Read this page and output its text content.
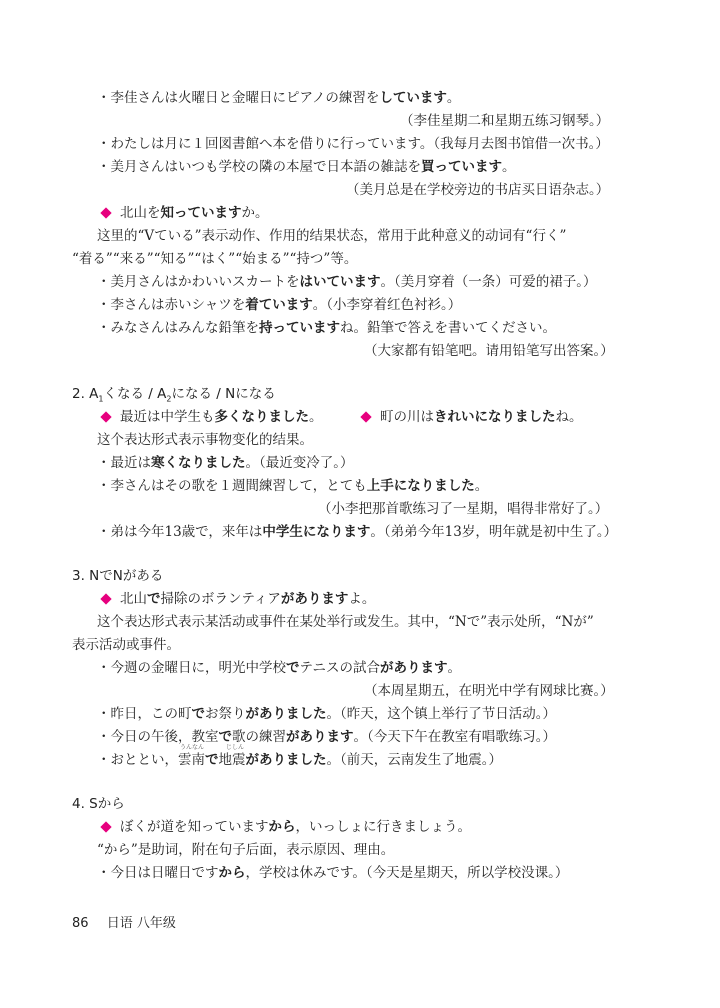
・李佳さんは火曜日と金曜日にピアノの練習をしています。
（李佳星期二和星期五练习钢琴。）
・わたしは月に１回図書館へ本を借りに行っています。（我每月去图书馆借一次书。）
・美月さんはいつも学校の隣の本屋で日本語の雑誌を買っています。
（美月总是在学校旁边的书店买日语杂志。）
北山を知っていますか。
这里的“Vている”表示动作、作用的结果状态，常用于此种意义的动词有“行く”
“着る”“来る”“知る”“はく”“始まる”“持つ”等。
・美月さんはかわいいスカートをはいています。（美月穿着（一条）可爱的裙子。）
・李さんは赤いシャツを着ています。（小李穿着红色衬衫。）
・みなさんはみんな鉛筆を持っていますね。鉛筆で答えを書いてください。
（大家都有铅笔吧。请用铅笔写出答案。）
2. $A_1$くなる / $A_2$になる / Nになる
最近は中学生も多くなりました。	町の川はきれいになりましたね。
这个表达形式表示事物变化的结果。
・最近は寒くなりました。（最近变冷了。）
・李さんはその歌を１週間練習して，とても上手になりました。
（小李把那首歌练习了一星期，唱得非常好了。）
・弟は今年13歳で，来年は中学生になります。（弟弟今年13岁，明年就是初中生了。）
3. NでNがある
北山で掃除のボランティアがありますよ。
这个表达形式表示某活动或事件在某处举行或发生。其中，“Nで”表示处所，“Nが”
表示活动或事件。
・今週の金曜日に，明光中学校でテニスの試合があります。
（本周星期五，在明光中学有网球比赛。）
・昨日，この町でお祭りがありました。（昨天，这个镇上举行了节日活动。）
・今日の午後，教室で歌の練習があります。（今天下午在教室有唱歌练习。）
うんなん	じしん
・おととい，雲南で地震がありました。（前天，云南发生了地震。）
4. Sから
ぼくが道を知っていますから，いっしょに行きましょう。
“から”是助词，附在句子后面，表示原因、理由。
・今日は日曜日ですから，学校は休みです。（今天是星期天，所以学校没课。）
86 日语 八年级
